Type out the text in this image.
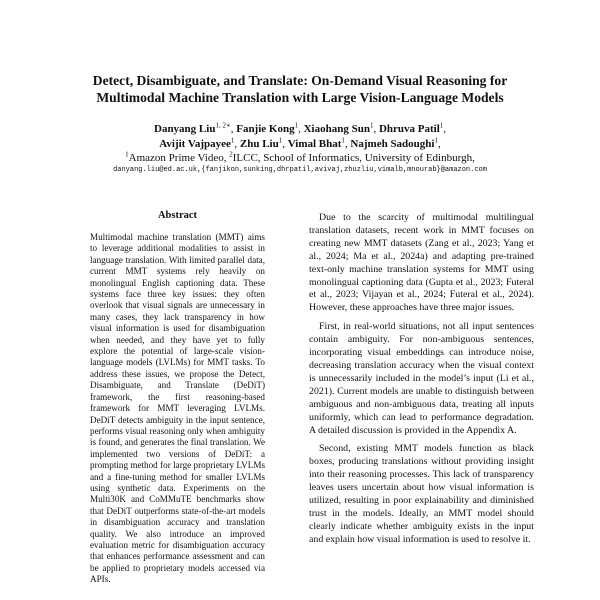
Detect, Disambiguate, and Translate: On-Demand Visual Reasoning for
Multimodal Machine Translation with Large Vision-Language Models
Danyang Liu$^{1, 2∗}$, Fanjie Kong$^1$, Xiaohang Sun$^1$, Dhruva Patil$^1$,
Avijit Vajpayee$^1$, Zhu Liu$^1$, Vimal Bhat$^1$, Najmeh Sadoughi$^1$,
$^1$Amazon Prime Video, $^2$ILCC, School of Informatics, University of Edinburgh,
danyang.liu@ed.ac.uk,{fanjikon,sunking,dhrpatil,avivaj,zhuzliu,vimalb,mnourab}@amazon.com
Abstract
Multimodal machine translation (MMT) aims to leverage additional modalities to assist in language translation. With limited parallel data, current MMT systems rely heavily on monolingual English captioning data. These systems face three key issues: they often overlook that visual signals are unnecessary in many cases, they lack transparency in how visual information is used for disambiguation when needed, and they have yet to fully explore the potential of large-scale vision-language models (LVLMs) for MMT tasks. To address these issues, we propose the Detect, Disambiguate, and Translate (DeDiT) framework, the first reasoning-based framework for MMT leveraging LVLMs. DeDiT detects ambiguity in the input sentence, performs visual reasoning only when ambiguity is found, and generates the final translation. We implemented two versions of DeDiT: a prompting method for large proprietary LVLMs and a fine-tuning method for smaller LVLMs using synthetic data. Experiments on the Multi30K and CoMMuTE benchmarks show that DeDiT outperforms state-of-the-art models in disambiguation accuracy and translation quality. We also introduce an improved evaluation metric for disambiguation accuracy that enhances performance assessment and can be applied to proprietary models accessed via APIs.

Due to the scarcity of multimodal multilingual translation datasets, recent work in MMT focuses on creating new MMT datasets (Zang et al., 2023; Yang et al., 2024; Ma et al., 2024a) and adapting pre-trained text-only machine translation systems for MMT using monolingual captioning data (Gupta et al., 2023; Futeral et al., 2023; Vijayan et al., 2024; Futeral et al., 2024). However, these approaches have three major issues.

First, in real-world situations, not all input sentences contain ambiguity. For non-ambiguous sentences, incorporating visual embeddings can introduce noise, decreasing translation accuracy when the visual context is unnecessarily included in the model’s input (Li et al., 2021). Current models are unable to distinguish between ambiguous and non-ambiguous data, treating all inputs uniformly, which can lead to performance degradation. A detailed discussion is provided in the Appendix A.

Second, existing MMT models function as black boxes, producing translations without providing insight into their reasoning processes. This lack of transparency leaves users uncertain about how visual information is utilized, resulting in poor explainability and diminished trust in the models. Ideally, an MMT model should clearly indicate whether ambiguity exists in the input and explain how visual information is used to resolve it.
